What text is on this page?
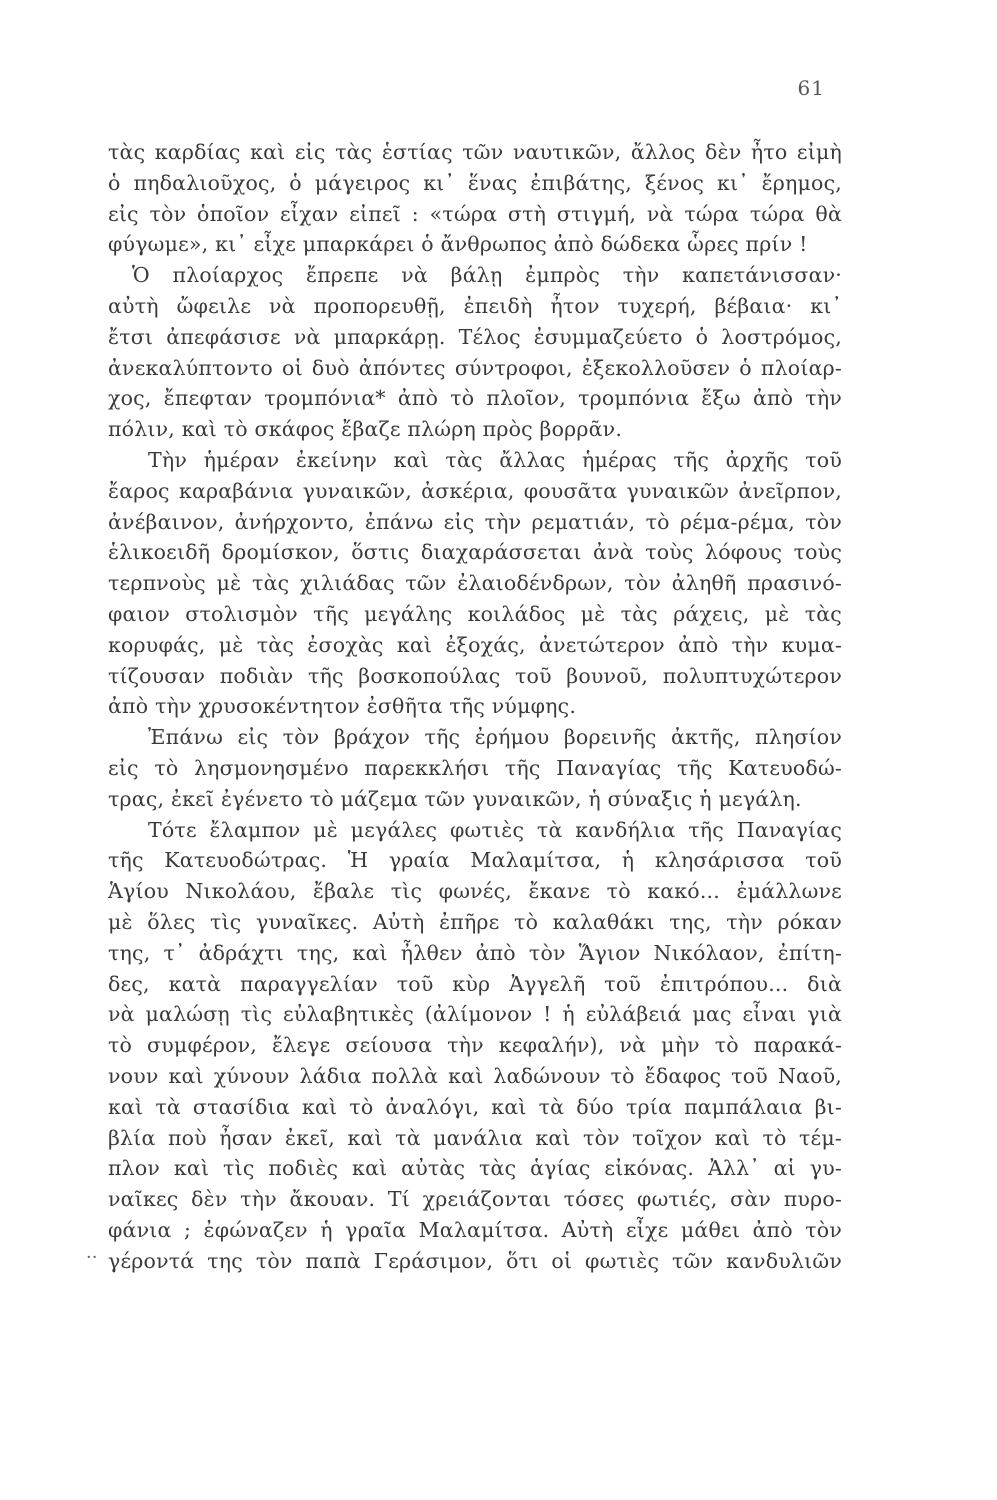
61
··
τὰς καρδίας καὶ εἰς τὰς ἑστίας τῶν ναυτικῶν, ἄλλος δὲν ἦτο εἰμὴ
ὁ πηδαλιοῦχος, ὁ μάγειρος κι᾽ ἕνας ἐπιβάτης, ξένος κι᾽ ἔρημος,
εἰς τὸν ὁποῖον εἶχαν εἰπεῖ : «τώρα στὴ στιγμή, νὰ τώρα τώρα θὰ
φύγωμε», κι᾽ εἶχε μπαρκάρει ὁ ἄνθρωπος ἀπὸ δώδεκα ὧρες πρίν !
Ὁ πλοίαρχος ἔπρεπε νὰ βάλῃ ἐμπρὸς τὴν καπετάνισσαν·
αὐτὴ ὤφειλε νὰ προπορευθῇ, ἐπειδὴ ἦτον τυχερή, βέβαια· κι᾽
ἔτσι ἀπεφάσισε νὰ μπαρκάρῃ. Τέλος ἐσυμμαζεύετο ὁ λοστρόμος,
ἀνεκαλύπτοντο οἱ δυὸ ἀπόντες σύντροφοι, ἐξεκολλοῦσεν ὁ πλοίαρ-
χος, ἔπεφταν τρομπόνια* ἀπὸ τὸ πλοῖον, τρομπόνια ἔξω ἀπὸ τὴν
πόλιν, καὶ τὸ σκάφος ἔβαζε πλώρη πρὸς βορρᾶν.
Τὴν ἡμέραν ἐκείνην καὶ τὰς ἄλλας ἡμέρας τῆς ἀρχῆς τοῦ
ἔαρος καραβάνια γυναικῶν, ἀσκέρια, φουσᾶτα γυναικῶν ἀνεῖρπον,
ἀνέβαινον, ἀνήρχοντο, ἐπάνω εἰς τὴν ρεματιάν, τὸ ρέμα-ρέμα, τὸν
ἑλικοειδῆ δρομίσκον, ὅστις διαχαράσσεται ἀνὰ τοὺς λόφους τοὺς
τερπνοὺς μὲ τὰς χιλιάδας τῶν ἐλαιοδένδρων, τὸν ἀληθῆ πρασινό-
φαιον στολισμὸν τῆς μεγάλης κοιλάδος μὲ τὰς ράχεις, μὲ τὰς
κορυφάς, μὲ τὰς ἐσοχὰς καὶ ἐξοχάς, ἀνετώτερον ἀπὸ τὴν κυμα-
τίζουσαν ποδιὰν τῆς βοσκοπούλας τοῦ βουνοῦ, πολυπτυχώτερον
ἀπὸ τὴν χρυσοκέντητον ἐσθῆτα τῆς νύμφης.
Ἐπάνω εἰς τὸν βράχον τῆς ἐρήμου βορεινῆς ἀκτῆς, πλησίον
εἰς τὸ λησμονησμένο παρεκκλήσι τῆς Παναγίας τῆς Κατευοδώ-
τρας, ἐκεῖ ἐγένετο τὸ μάζεμα τῶν γυναικῶν, ἡ σύναξις ἡ μεγάλη.
Τότε ἔλαμπον μὲ μεγάλες φωτιὲς τὰ κανδήλια τῆς Παναγίας
τῆς Κατευοδώτρας. Ἡ γραία Μαλαμίτσα, ἡ κλησάρισσα τοῦ
Ἁγίου Νικολάου, ἔβαλε τὶς φωνές, ἔκανε τὸ κακό... ἐμάλλωνε
μὲ ὅλες τὶς γυναῖκες. Αὐτὴ ἐπῆρε τὸ καλαθάκι της, τὴν ρόκαν
της, τ᾽ ἀδράχτι της, καὶ ἦλθεν ἀπὸ τὸν Ἅγιον Νικόλαον, ἐπίτη-
δες, κατὰ παραγγελίαν τοῦ κὺρ Ἀγγελῆ τοῦ ἐπιτρόπου... διὰ
νὰ μαλώσῃ τὶς εὐλαβητικὲς (ἀλίμονον ! ἡ εὐλάβειά μας εἶναι γιὰ
τὸ συμφέρον, ἔλεγε σείουσα τὴν κεφαλήν), νὰ μὴν τὸ παρακά-
νουν καὶ χύνουν λάδια πολλὰ καὶ λαδώνουν τὸ ἔδαφος τοῦ Ναοῦ,
καὶ τὰ στασίδια καὶ τὸ ἀναλόγι, καὶ τὰ δύο τρία παμπάλαια βι-
βλία ποὺ ἦσαν ἐκεῖ, καὶ τὰ μανάλια καὶ τὸν τοῖχον καὶ τὸ τέμ-
πλον καὶ τὶς ποδιὲς καὶ αὐτὰς τὰς ἁγίας εἰκόνας. Ἀλλ᾽ αἱ γυ-
ναῖκες δὲν τὴν ἄκουαν. Τί χρειάζονται τόσες φωτιές, σὰν πυρο-
φάνια ; ἐφώναζεν ἡ γραῖα Μαλαμίτσα. Αὐτὴ εἶχε μάθει ἀπὸ τὸν
γέροντά της τὸν παπὰ Γεράσιμον, ὅτι οἱ φωτιὲς τῶν κανδυλιῶν
